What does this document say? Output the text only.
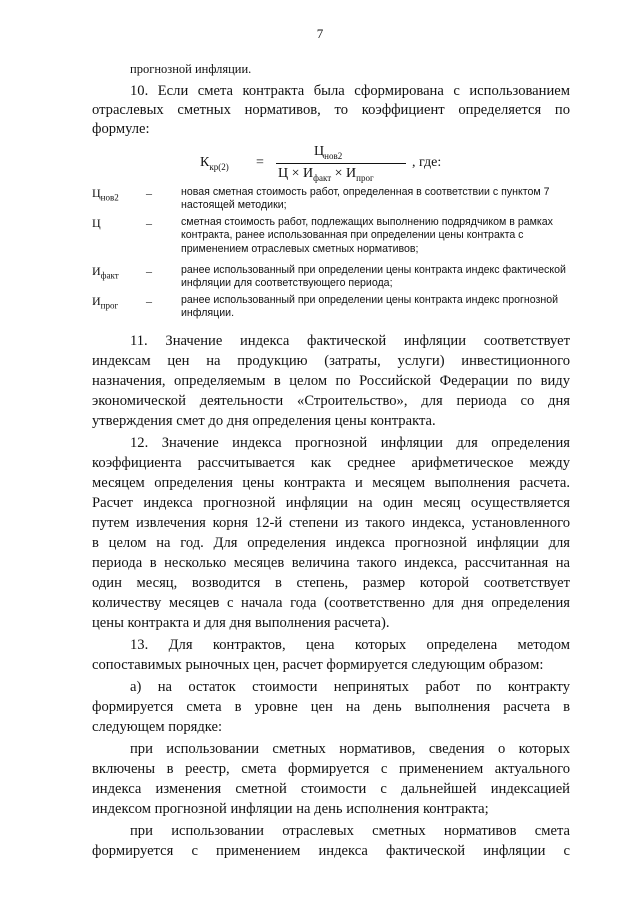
7
прогнозной инфляции.
10. Если смета контракта была сформирована с использованием
отраслевых сметных нормативов, то коэффициент определяется по
формуле:
$К_{кр(2)}$ =
$Ц_{нов2}$
$Ц \times И_{факт} \times И_{прог}$
, где:
$Ц_{нов2}$ –	новая сметная стоимость работ, определенная в соответствии с пунктом 7 настоящей методики;
Ц	–	сметная стоимость работ, подлежащих выполнению подрядчиком в рамках контракта, ранее использованная при определении цены контракта с применением отраслевых сметных нормативов;
$И_{факт}$ –	ранее использованный при определении цены контракта индекс фактической инфляции для соответствующего периода;
$И_{прог}$ –	ранее использованный при определении цены контракта индекс прогнозной инфляции.
11. Значение индекса фактической инфляции соответствует
индексам цен на продукцию (затраты, услуги) инвестиционного
назначения, определяемым в целом по Российской Федерации по виду
экономической деятельности «Строительство», для периода со дня
утверждения смет до дня определения цены контракта.
12. Значение индекса прогнозной инфляции для определения
коэффициента рассчитывается как среднее арифметическое между
месяцем определения цены контракта и месяцем выполнения расчета.
Расчет индекса прогнозной инфляции на один месяц осуществляется
путем извлечения корня 12-й степени из такого индекса, установленного
в целом на год. Для определения индекса прогнозной инфляции для
периода в несколько месяцев величина такого индекса, рассчитанная на
один месяц, возводится в степень, размер которой соответствует
количеству месяцев с начала года (соответственно для дня определения
цены контракта и для дня выполнения расчета).
13. Для контрактов, цена которых определена методом
сопоставимых рыночных цен, расчет формируется следующим образом:
а) на остаток стоимости непринятых работ по контракту
формируется смета в уровне цен на день выполнения расчета в
следующем порядке:
при использовании сметных нормативов, сведения о которых
включены в реестр, смета формируется с применением актуального
индекса изменения сметной стоимости с дальнейшей индексацией
индексом прогнозной инфляции на день исполнения контракта;
при использовании отраслевых сметных нормативов смета
формируется с применением индекса фактической инфляции с
